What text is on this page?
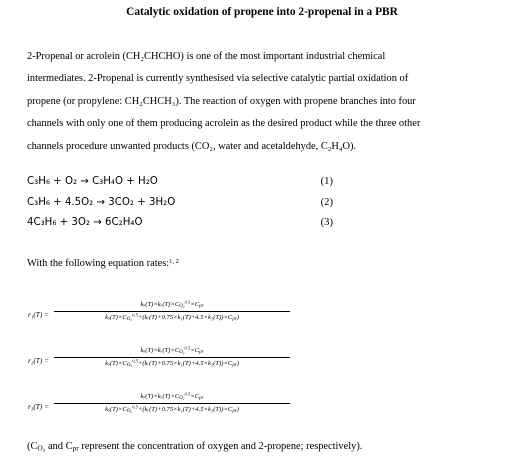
Catalytic oxidation of propene into 2-propenal in a PBR
2-Propenal or acrolein (CH₂CHCHO) is one of the most important industrial chemical
intermediates. 2-Propenal is currently synthesised via selective catalytic partial oxidation of
propene (or propylene: CH₂CHCH₃). The reaction of oxygen with propene branches into four
channels with only one of them producing acrolein as the desired product while the three other
channels procedure unwanted products (CO₂, water and acetaldehyde, C₂H₄O).
C₃H₆ + O₂ → C₃H₄O + H₂O	(1)
C₃H₆ + 4.5O₂ → 3CO₂ + 3H₂O	(2)
4C₃H₆ + 3O₂ → 6C₂H₄O	(3)
With the following equation rates:$^{1, 2}$
r₁(T) =
$k_o(T)\times kᵣ(T)\times C_{O_2}^{0.5}\times C_{pr}$
$k_o(T)\times C_{O_2}^{0.5}+(kᵣ(T)+0.75\times k_1(T)+4.5\times k_2(T))\times C_{pr}$)
r₂(T) =
$k_o(T)\times kᵣ(T)\times C_{O_2}^{0.5}\times C_{pr}$
$k_o(T)\times C_{O_2}^{0.5}+(kᵣ(T)+0.75\times k_1(T)+4.5\times k_2(T))\times C_{pr}$)
r₃(T) =
$k_o(T)\times kᵣ(T)\times C_{O_2}^{0.5}\times C_{pr}$
$k_o(T)\times C_{O_2}^{0.5}+(kᵣ(T)+0.75\times k_1(T)+4.5\times k_2(T))\times C_{pr}$)
($C_{O_2}$ and $C_{pr}$ represent the concentration of oxygen and 2-propene; respectively).
